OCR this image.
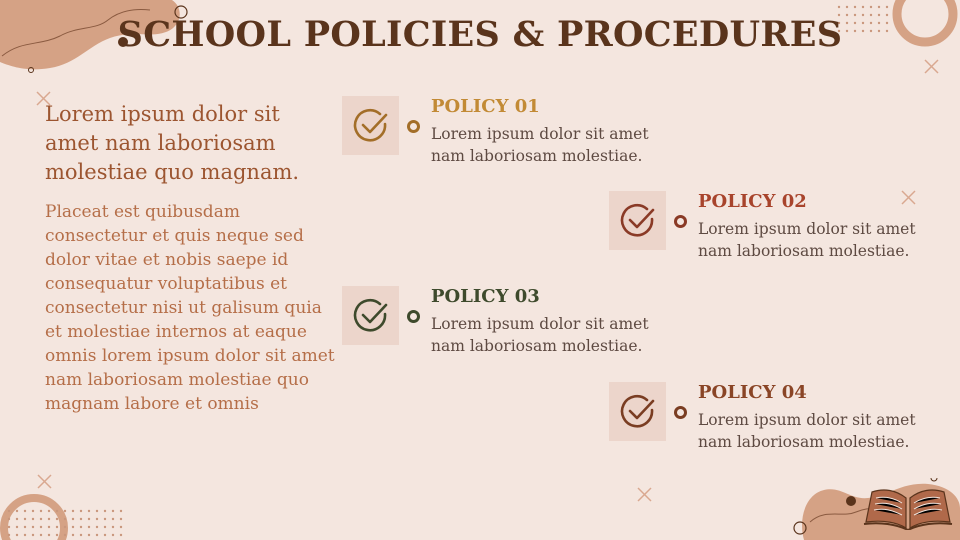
SCHOOL POLICIES & PROCEDURES

Lorem ipsum dolor sit amet nam laboriosam molestiae quo magnam.

Placeat est quibusdam consectetur et quis neque sed dolor vitae et nobis saepe id consequatur voluptatibus et consectetur nisi ut galisum quia et molestiae internos at eaque omnis lorem ipsum dolor sit amet nam laboriosam molestiae quo magnam labore et omnis

POLICY 01
Lorem ipsum dolor sit amet nam laboriosam molestiae.
POLICY 02
Lorem ipsum dolor sit amet nam laboriosam molestiae.
POLICY 03
Lorem ipsum dolor sit amet nam laboriosam molestiae.
POLICY 04
Lorem ipsum dolor sit amet nam laboriosam molestiae.
